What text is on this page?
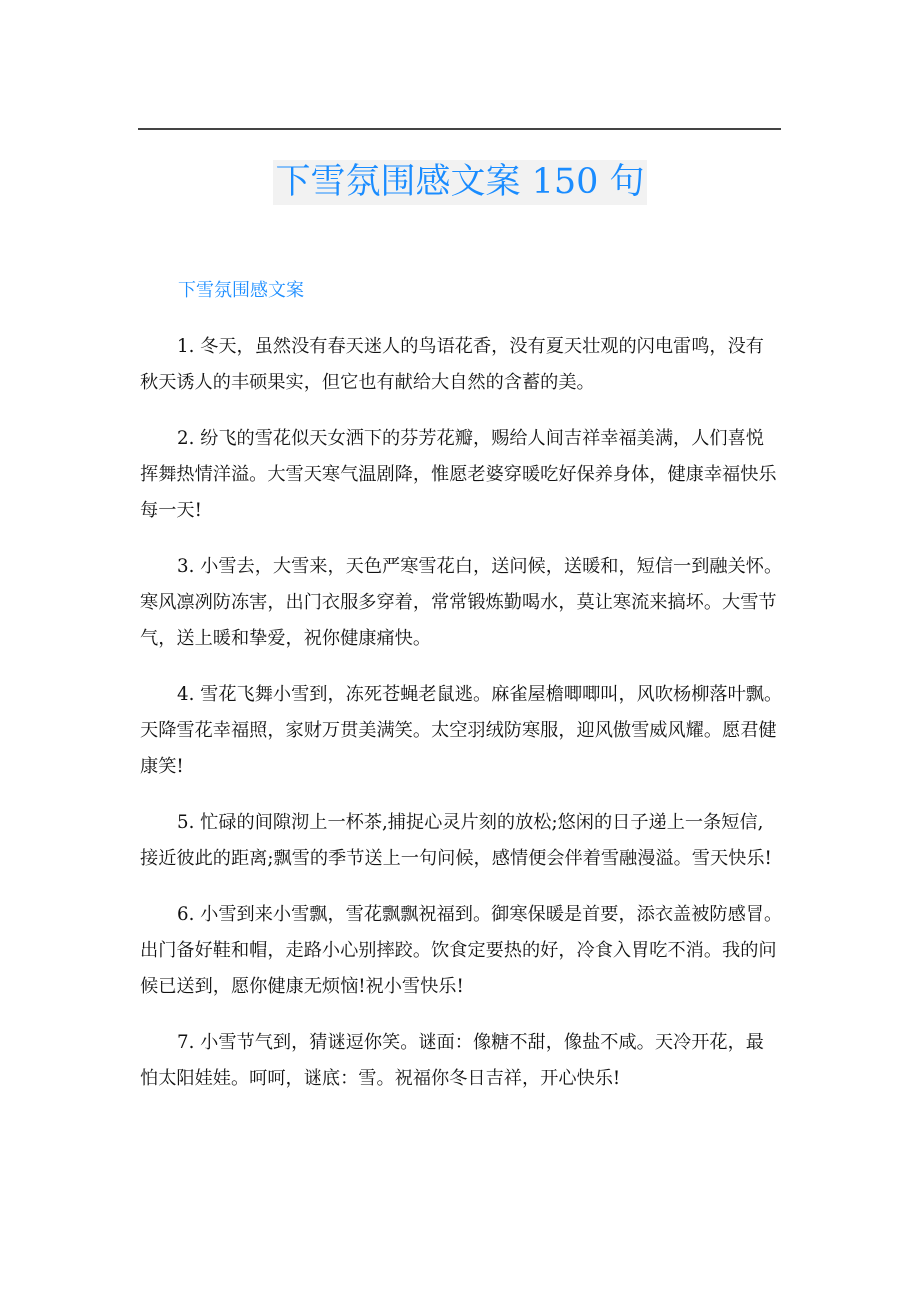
下雪氛围感文案 150 句
下雪氛围感文案
1. 冬天，虽然没有春天迷人的鸟语花香，没有夏天壮观的闪电雷鸣，没有
秋天诱人的丰硕果实，但它也有献给大自然的含蓄的美。
2. 纷飞的雪花似天女洒下的芬芳花瓣，赐给人间吉祥幸福美满，人们喜悦
挥舞热情洋溢。大雪天寒气温剧降，惟愿老婆穿暖吃好保养身体，健康幸福快乐
每一天!
3. 小雪去，大雪来，天色严寒雪花白，送问候，送暖和，短信一到融关怀。
寒风凛冽防冻害，出门衣服多穿着，常常锻炼勤喝水，莫让寒流来搞坏。大雪节
气，送上暖和挚爱，祝你健康痛快。
4. 雪花飞舞小雪到，冻死苍蝇老鼠逃。麻雀屋檐唧唧叫，风吹杨柳落叶飘。
天降雪花幸福照，家财万贯美满笑。太空羽绒防寒服，迎风傲雪威风耀。愿君健
康笑!
5. 忙碌的间隙沏上一杯茶,捕捉心灵片刻的放松;悠闲的日子递上一条短信,
接近彼此的距离;飘雪的季节送上一句问候，感情便会伴着雪融漫溢。雪天快乐!
6. 小雪到来小雪飘，雪花飘飘祝福到。御寒保暖是首要，添衣盖被防感冒。
出门备好鞋和帽，走路小心别摔跤。饮食定要热的好，冷食入胃吃不消。我的问
候已送到，愿你健康无烦恼!祝小雪快乐!
7. 小雪节气到，猜谜逗你笑。谜面：像糖不甜，像盐不咸。天冷开花，最
怕太阳娃娃。呵呵，谜底：雪。祝福你冬日吉祥，开心快乐!
